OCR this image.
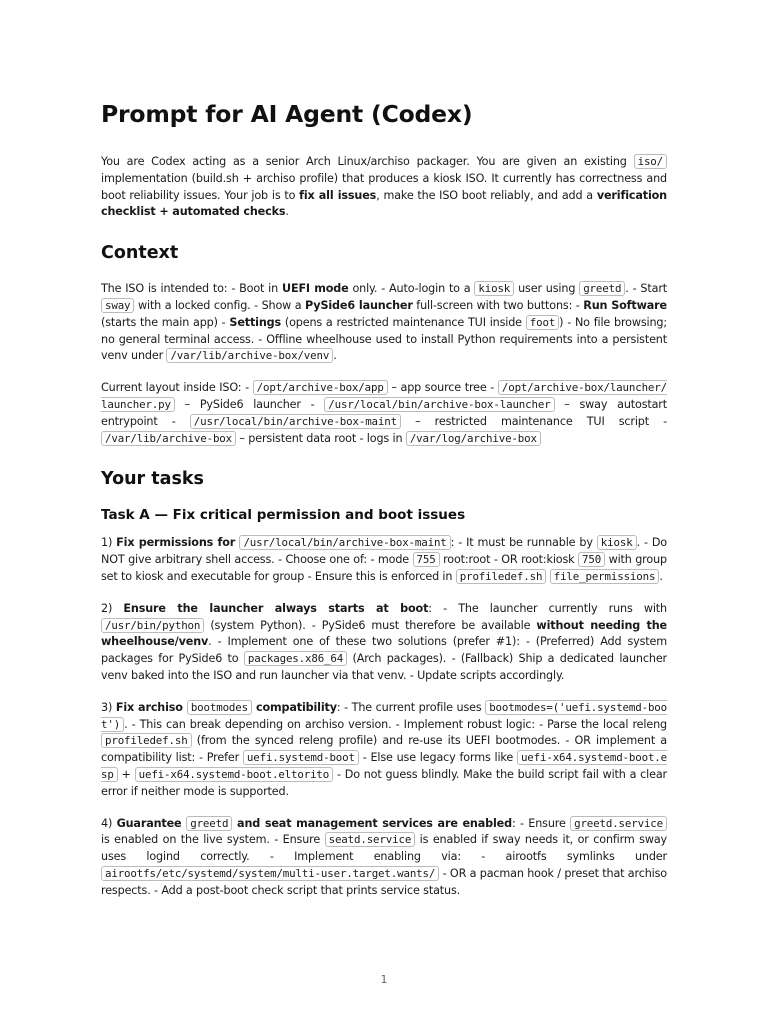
Prompt for AI Agent (Codex)

You are Codex acting as a senior Arch Linux/archiso packager. You are given an existing iso/ implementation (build.sh + archiso profile) that produces a kiosk ISO. It currently has correctness and boot reliability issues. Your job is to fix all issues, make the ISO boot reliably, and add a verification checklist + automated checks.

Context

The ISO is intended to: - Boot in UEFI mode only. - Auto-login to a kiosk user using greetd . - Start sway with a locked config. - Show a PySide6 launcher full-screen with two buttons: - Run Software (starts the main app) - Settings (opens a restricted maintenance TUI inside foot ) - No file browsing; no general terminal access. - Offline wheelhouse used to install Python requirements into a persistent venv under /var/lib/archive-box/venv .

Current layout inside ISO: - /opt/archive-box/app – app source tree - /opt/archive-box/launcher/launcher.py – PySide6 launcher - /usr/local/bin/archive-box-launcher – sway autostart entrypoint - /usr/local/bin/archive-box-maint – restricted maintenance TUI script - /var/lib/archive-box – persistent data root - logs in /var/log/archive-box

Your tasks
Task A — Fix critical permission and boot issues

1) Fix permissions for /usr/local/bin/archive-box-maint : - It must be runnable by kiosk . - Do NOT give arbitrary shell access. - Choose one of: - mode 755 root:root - OR root:kiosk 750 with group set to kiosk and executable for group - Ensure this is enforced in profiledef.sh file_permissions .

2) Ensure the launcher always starts at boot: - The launcher currently runs with /usr/bin/python (system Python). - PySide6 must therefore be available without needing the wheelhouse/venv. - Implement one of these two solutions (prefer #1): - (Preferred) Add system packages for PySide6 to packages.x86_64 (Arch packages). - (Fallback) Ship a dedicated launcher venv baked into the ISO and run launcher via that venv. - Update scripts accordingly.

3) Fix archiso bootmodes compatibility: - The current profile uses bootmodes=('uefi.systemd-boot') . - This can break depending on archiso version. - Implement robust logic: - Parse the local releng profiledef.sh (from the synced releng profile) and re-use its UEFI bootmodes. - OR implement a compatibility list: - Prefer uefi.systemd-boot - Else use legacy forms like uefi-x64.systemd-boot.esp + uefi-x64.systemd-boot.eltorito - Do not guess blindly. Make the build script fail with a clear error if neither mode is supported.

4) Guarantee greetd and seat management services are enabled: - Ensure greetd.service is enabled on the live system. - Ensure seatd.service is enabled if sway needs it, or confirm sway uses logind correctly. - Implement enabling via: - airootfs symlinks under airootfs/etc/systemd/system/multi-user.target.wants/ - OR a pacman hook / preset that archiso respects. - Add a post-boot check script that prints service status.

1
